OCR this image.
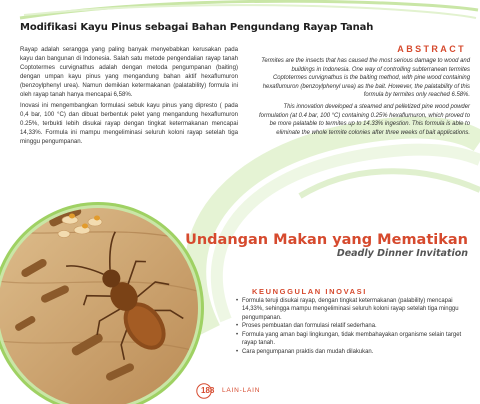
Modifikasi Kayu Pinus sebagai Bahan Pengundang Rayap Tanah

Rayap adalah serangga yang paling banyak menyebabkan kerusakan pada kayu dan bangunan di Indonesia. Salah satu metode pengendalian rayap tanah Coptotermes curvignathus adalah dengan metoda pengumpanan (baiting) dengan umpan kayu pinus yang mengandung bahan aktif hexaflumuron (benzoylphenyl urea). Namun demikian ketermakanan (palatability) formula ini oleh rayap tanah hanya mencapai 6,58%.

Inovasi ini mengembangkan formulasi sebuk kayu pinus yang dipresto ( pada 0,4 bar, 100 °C) dan dibuat berbentuk pelet yang mengandung hexaflumuron 0.25%, terbukti lebih disukai rayap dengan tingkat ketermakanan mencapai 14,33%. Formula ini mampu mengeliminasi seluruh koloni rayap setelah tiga minggu pengumpanan.

ABSTRACT

Termites are the insects that has caused the most serious damage to wood and buildings in Indonesia. One way of controlling subterranean termites Coptotermes curvignathus is the baiting method, with pine wood containing hexaflumuron (benzoylphenyl urea) as the bait. However, the palatability of this formula by termites only reached 6.58%.

This innovation developed a steamed and pelletized pine wood powder formulation (at 0.4 bar, 100 °C) containing 0.25% hexaflumuron, which proved to be more palatable to termites up to 14.33% ingestion. This formula is able to eliminate the whole termite colonies after three weeks of bait applications.

Undangan Makan yang Mematikan
Deadly Dinner Invitation
KEUNGGULAN INOVASI
• Formula teruji disukai rayap, dengan tingkat ketermakanan (palability) mencapai 14,33%, sehingga mampu mengeliminasi seluruh koloni rayap setelah tiga minggu pengumpanan.
• Proses pembuatan dan formulasi relatif sederhana.
• Formula yang aman bagi lingkungan, tidak membahayakan organisme selain target rayap tanah.
• Cara pengumpanan praktis dan mudah dilakukan.
188 LAIN-LAIN
